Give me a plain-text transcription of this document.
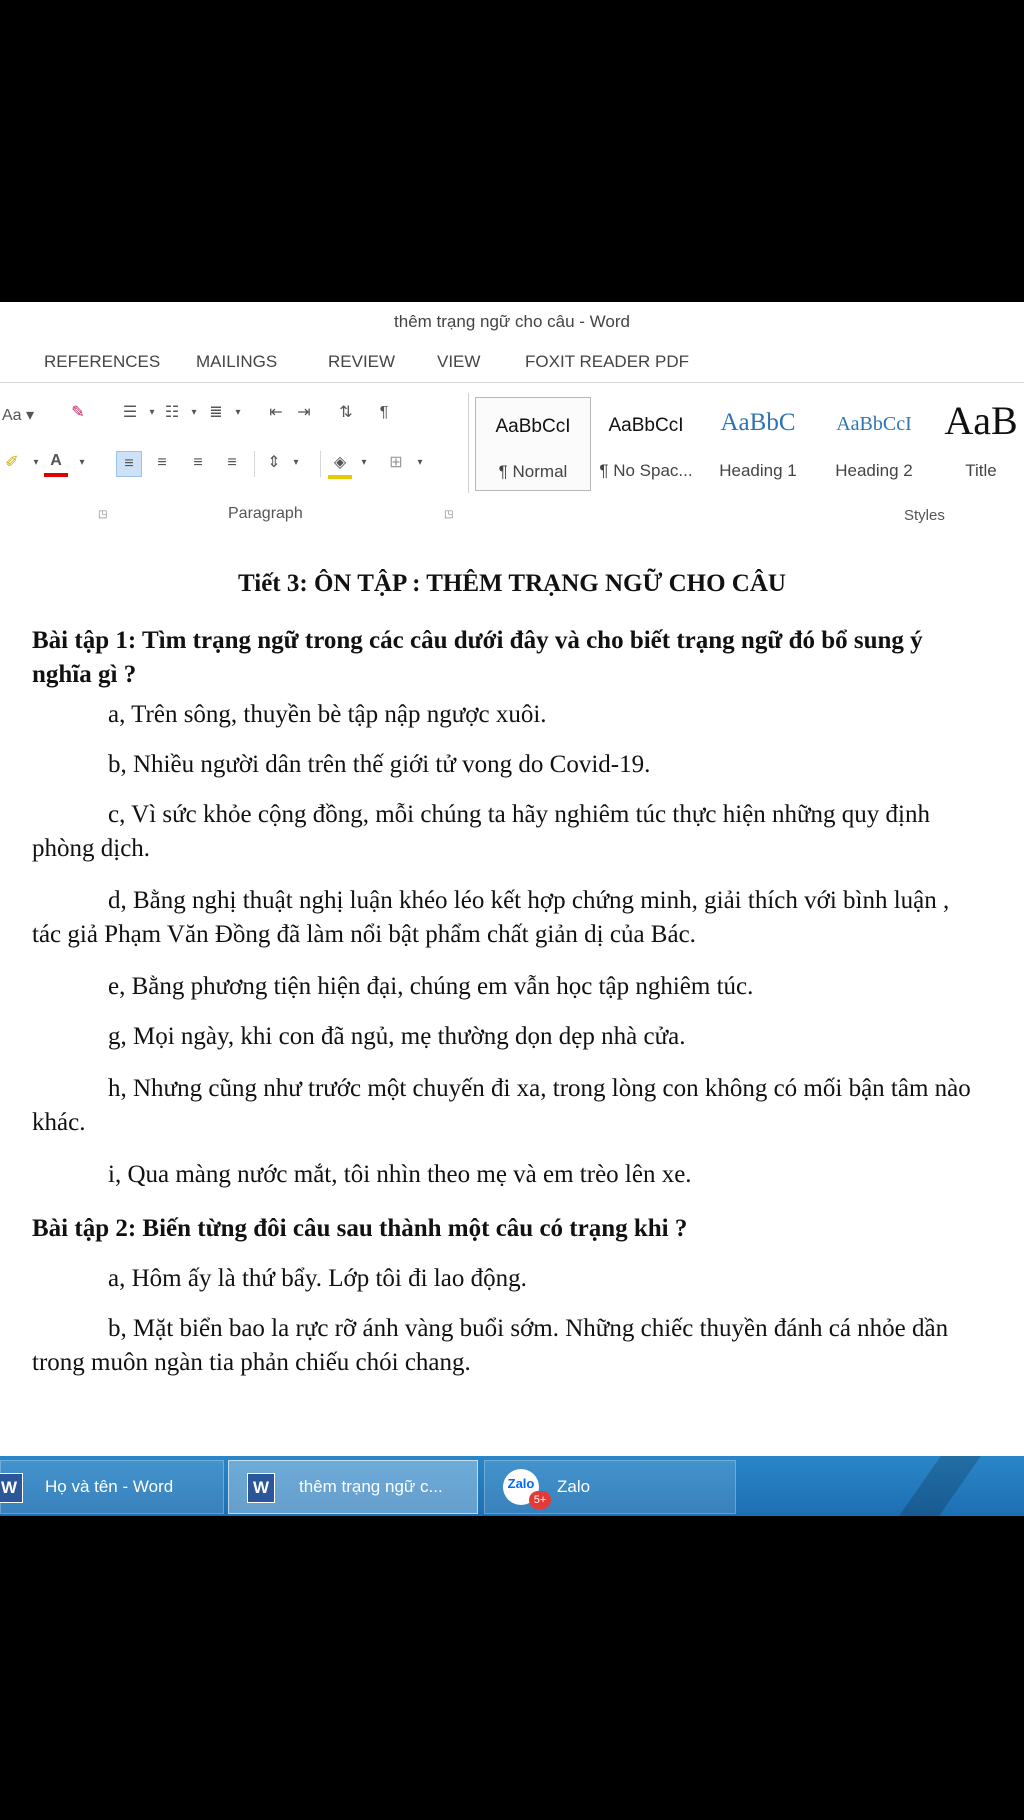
thêm trạng ngữ cho câu - Word
REFERENCES MAILINGS	REVIEW VIEW	FOXIT READER PDF
Aa ▾	✎
✐	▾ A	▾
◳
☰	▾ ☷	▾ ≣	▾	⇤ ⇥	⇅	¶
≡	≡	≡	≡	⇕	▾	◈	▾	⊞	▾
Paragraph	◳
AaBbCcI
¶ Normal
AaBbCcI
¶ No Spac...
AaBbC
Heading 1
AaBbCcI
Heading 2
AaB
Title
Styles
Tiết 3: ÔN TẬP : THÊM TRẠNG NGỮ CHO CÂU
Bài tập 1: Tìm trạng ngữ trong các câu dưới đây và cho biết trạng ngữ đó bổ sung ý nghĩa gì ?
a, Trên sông, thuyền bè tập nập ngược xuôi.
b, Nhiều người dân trên thế giới tử vong do Covid-19.
c, Vì sức khỏe cộng đồng, mỗi chúng ta hãy nghiêm túc thực hiện những quy định phòng dịch.
d, Bằng nghị thuật nghị luận khéo léo kết hợp chứng minh, giải thích với bình luận , tác giả Phạm Văn Đồng đã làm nổi bật phẩm chất giản dị của Bác.
e, Bằng phương tiện hiện đại, chúng em vẫn học tập nghiêm túc.
g, Mọi ngày, khi con đã ngủ, mẹ thường dọn dẹp nhà cửa.
h, Nhưng cũng như trước một chuyến đi xa, trong lòng con không có mối bận tâm nào khác.
i, Qua màng nước mắt, tôi nhìn theo mẹ và em trèo lên xe.
Bài tập 2: Biến từng đôi câu sau thành một câu có trạng khi ?
a, Hôm ấy là thứ bẩy. Lớp tôi đi lao động.
b, Mặt biển bao la rực rỡ ánh vàng buổi sớm. Những chiếc thuyền đánh cá nhỏe dần trong muôn ngàn tia phản chiếu chói chang.
W	Họ và tên - Word	W	thêm trạng ngữ c...	Zalo
5+
Zalo
